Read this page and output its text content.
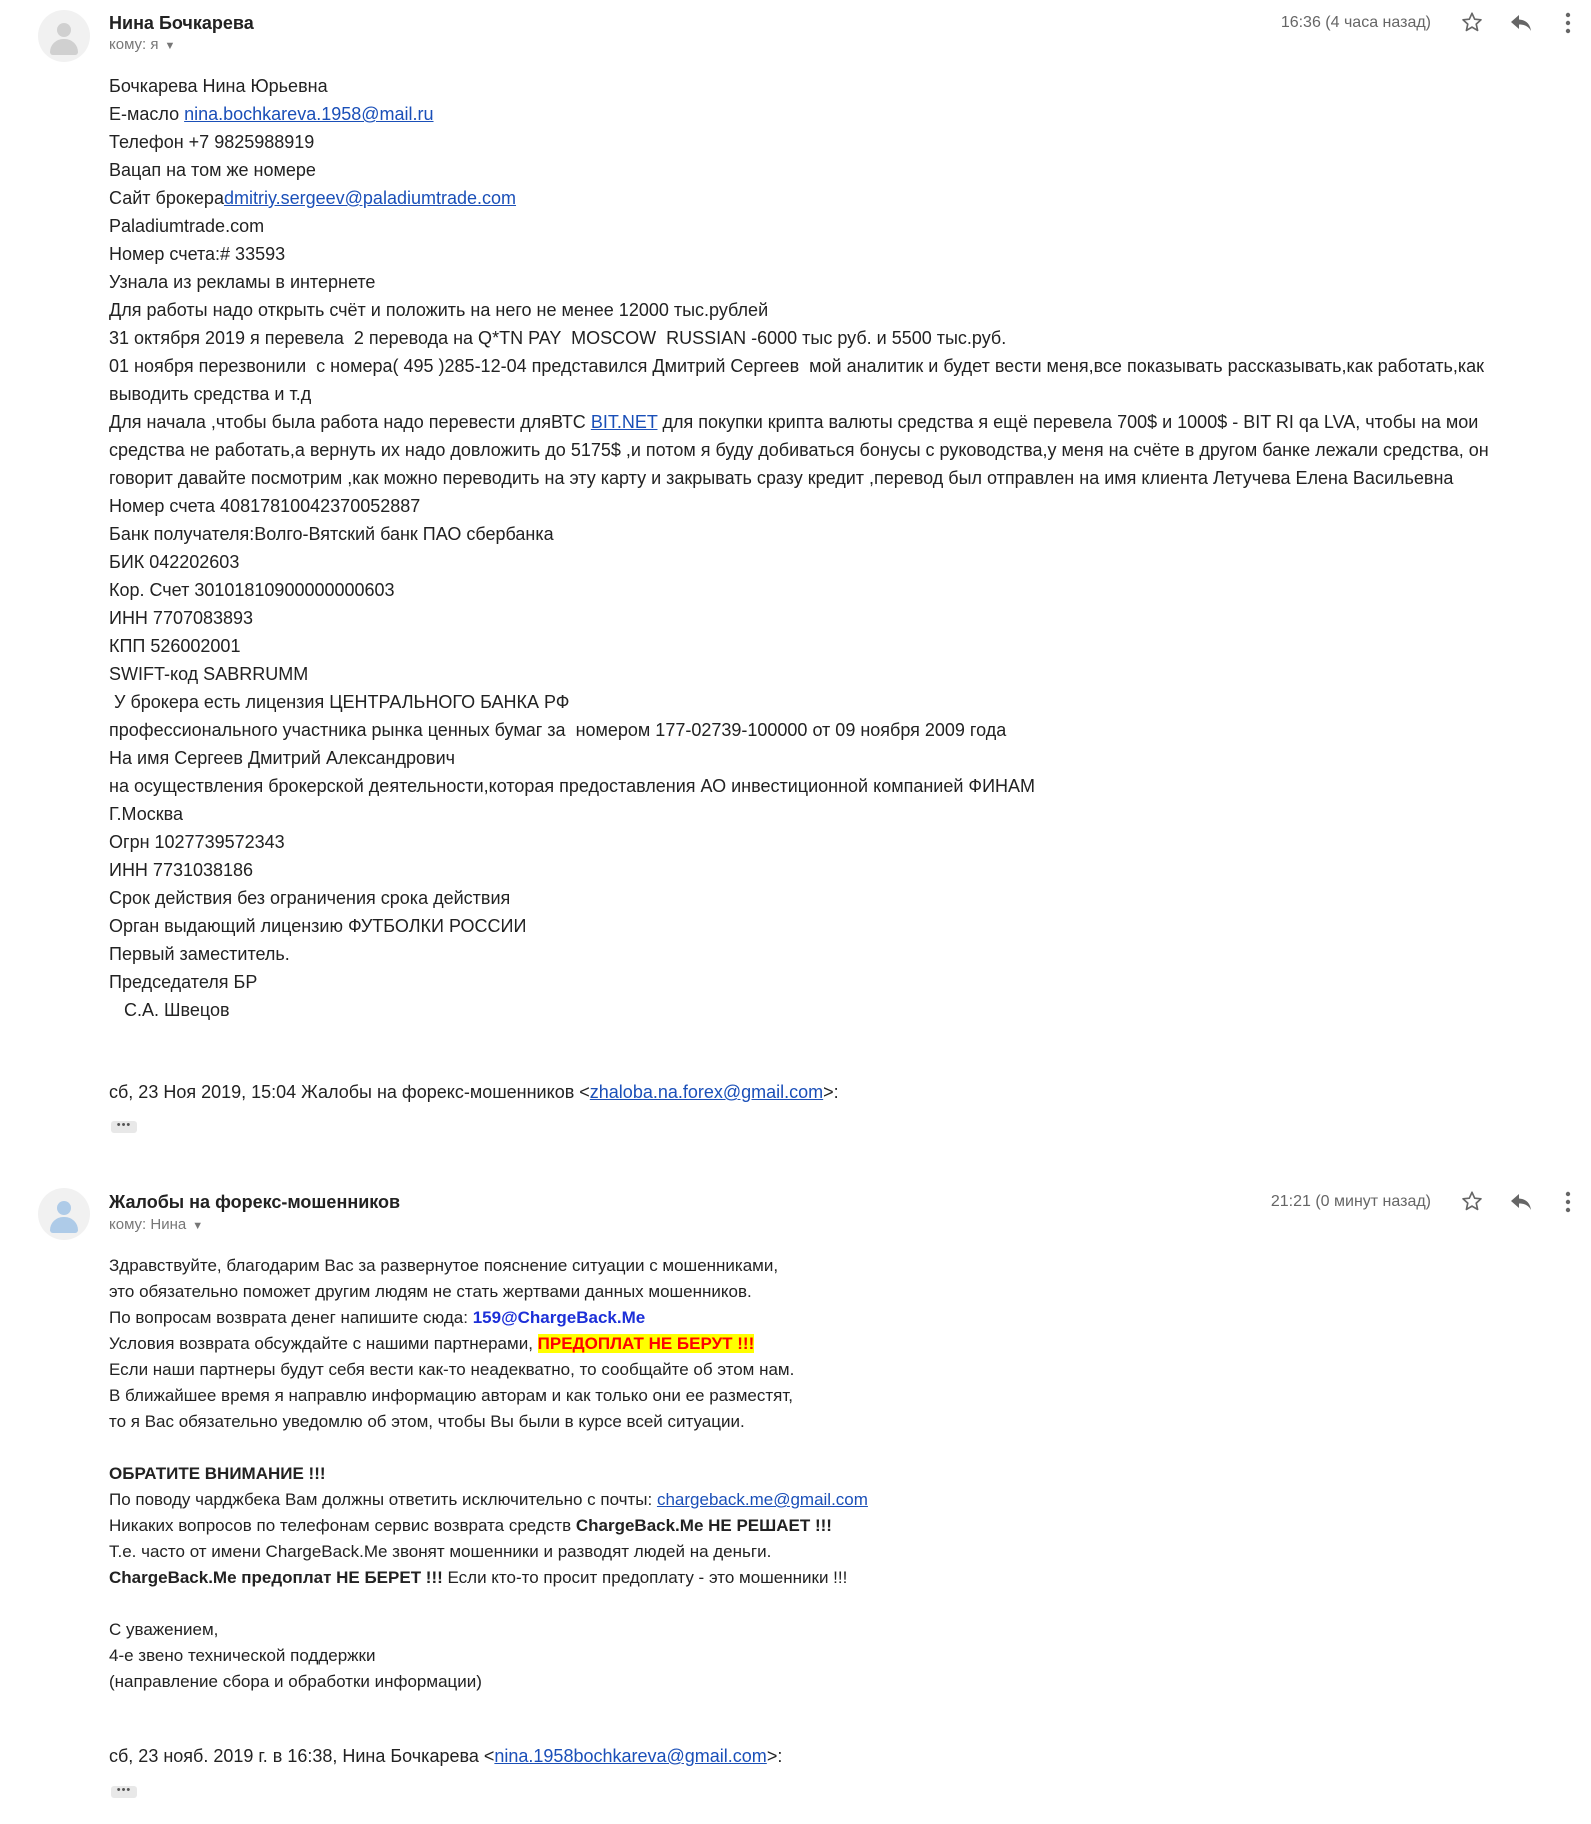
Нина Бочкарева
кому: я ▼
16:36 (4 часа назад)
Бочкарева Нина Юрьевна
Е-масло nina.bochkareva.1958@mail.ru
Телефон +7 9825988919
Вацап на том же номере
Сайт брокераdmitriy.sergeev@paladiumtrade.com
Paladiumtrade.com
Номер счета:# 33593
Узнала из рекламы в интернете
Для работы надо открыть счёт и положить на него не менее 12000 тыс.рублей
31 октября 2019 я перевела  2 перевода на Q*TN PAY  MOSCOW  RUSSIAN -6000 тыс руб. и 5500 тыс.руб.
01 ноября перезвонили  с номера( 495 )285-12-04 представился Дмитрий Сергеев  мой аналитик и будет вести меня,все показывать рассказывать,как работать,как
выводить средства и т.д
Для начала ,чтобы была работа надо перевести дляВТС BIT.NET для покупки крипта валюты средства я ещё перевела 700$ и 1000$ - BIT RI qa LVA, чтобы на мои
средства не работать,а вернуть их надо довложить до 5175$ ,и потом я буду добиваться бонусы с руководства,у меня на счёте в другом банке лежали средства, он
говорит давайте посмотрим ,как можно переводить на эту карту и закрывать сразу кредит ,перевод был отправлен на имя клиента Летучева Елена Васильевна
Номер счета 40817810042370052887
Банк получателя:Волго-Вятский банк ПАО сбербанка
БИК 042202603
Кор. Счет 30101810900000000603
ИНН 7707083893
КПП 526002001
SWIFT-код SABRRUMM
У брокера есть лицензия ЦЕНТРАЛЬНОГО БАНКА РФ
профессионального участника рынка ценных бумаг за  номером 177-02739-100000 от 09 ноября 2009 года
На имя Сергеев Дмитрий Александрович
на осуществления брокерской деятельности,которая предоставления АО инвестиционной компанией ФИНАМ
Г.Москва
Огрн 1027739572343
ИНН 7731038186
Срок действия без ограничения срока действия
Орган выдающий лицензию ФУТБОЛКИ РОССИИ
Первый заместитель.
Председателя БР
С.А. Швецов
сб, 23 Ноя 2019, 15:04 Жалобы на форекс-мошенников <zhaloba.na.forex@gmail.com>:
•••
Жалобы на форекс-мошенников
кому: Нина ▼
21:21 (0 минут назад)
Здравствуйте, благодарим Вас за развернутое пояснение ситуации с мошенниками,
это обязательно поможет другим людям не стать жертвами данных мошенников.
По вопросам возврата денег напишите сюда: 159@ChargeBack.Me
Условия возврата обсуждайте с нашими партнерами, ПРЕДОПЛАТ НЕ БЕРУТ !!!
Если наши партнеры будут себя вести как-то неадекватно, то сообщайте об этом нам.
В ближайшее время я направлю информацию авторам и как только они ее разместят,
то я Вас обязательно уведомлю об этом, чтобы Вы были в курсе всей ситуации.

ОБРАТИТЕ ВНИМАНИЕ !!!
По поводу чарджбека Вам должны ответить исключительно с почты: chargeback.me@gmail.com
Никаких вопросов по телефонам сервис возврата средств ChargeBack.Me НЕ РЕШАЕТ !!!
Т.е. часто от имени ChargeBack.Me звонят мошенники и разводят людей на деньги.
ChargeBack.Me предоплат НЕ БЕРЕТ !!! Если кто-то просит предоплату - это мошенники !!!

С уважением,
4-е звено технической поддержки
(направление сбора и обработки информации)
сб, 23 нояб. 2019 г. в 16:38, Нина Бочкарева <nina.1958bochkareva@gmail.com>:
•••
